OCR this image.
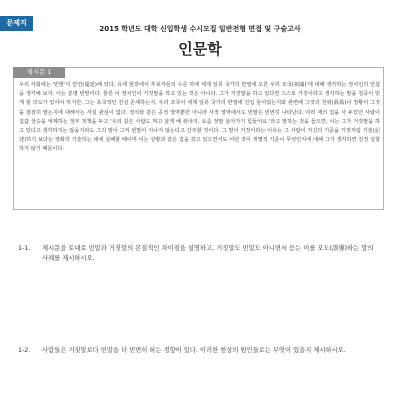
문제지
2015 학년도 대학 신입학생 수시모집 일반전형 면접 및 구술고사
인문학
제시문 1

우리 사회에는 '빈말'이 만연(蔓延)해 있다. 유세 현장에서 후보자들의 수준 하에 세계 일류 국가의 반열에 오른 우리 조국(祖國)'에 대해 생각하는 정치인의 연설을 생각해 보자. 이는 분명 빈말이다. 물론 이 정치인이 거짓말을 하고 있는 것은 아니다. 그가 거짓말을 하고 있다면 스스로 거짓이라고 생각하는 말을 청중이 믿게 할 의도가 있어야 하지만, 그는 초국적인 진실 존재하는지, 우리 조국이 세계 일류 국가의 반열에 진입 들어섰는지와 관련해 그것의 진위(眞僞)나 정황이 그것을 잠잠히 말는지에 대해서는 사실 관심이 없다. 정치와 같은 공적 영역뿐만 아니라 사적 영역에서도 빈말은 빈번히 나타난다. 여러 재의 집을 사 두었던 사람이 집값 상승을 억제하는 정부 정책을 두고 '우리 같은 사람도 먹고 살게 해 줘야지, 요즘 정말 살아가기 힘들어요.'라고 말하는 것을 들으면, 이는 그가 거짓말을 하고 있다고 생각하지는 않을지라도 그의 말이 그저 빈말이 지나지 않는다고 간주할 것이다. 그 말이 거짓이라는 이유는 그 사람이 자신의 기준을 거짓처럼 기술(記述)하기 보다는 정확히 기술하는 데에 실패할 때이며 이는 상황과 같은 집을 갖고 있으면서도 어떤 것이 개별적 기준이 무엇인지에 대해 그가 생각하면 진정 성찰하지 않기 때문이다.

1-1.	제시문을 토대로 빈말과 거짓말의 본질적인 차이점을 설명하고, 거짓말도 빈말도 아니면서 듣는 이를 오도(誤導)하는 말의 사례를 제시하시오.
1-2.	사람들은 거짓말보다 빈말을 더 빈번히 하는 경향이 있다. 이러한 현상의 원인들로는 무엇이 있을지 제시하시오.
